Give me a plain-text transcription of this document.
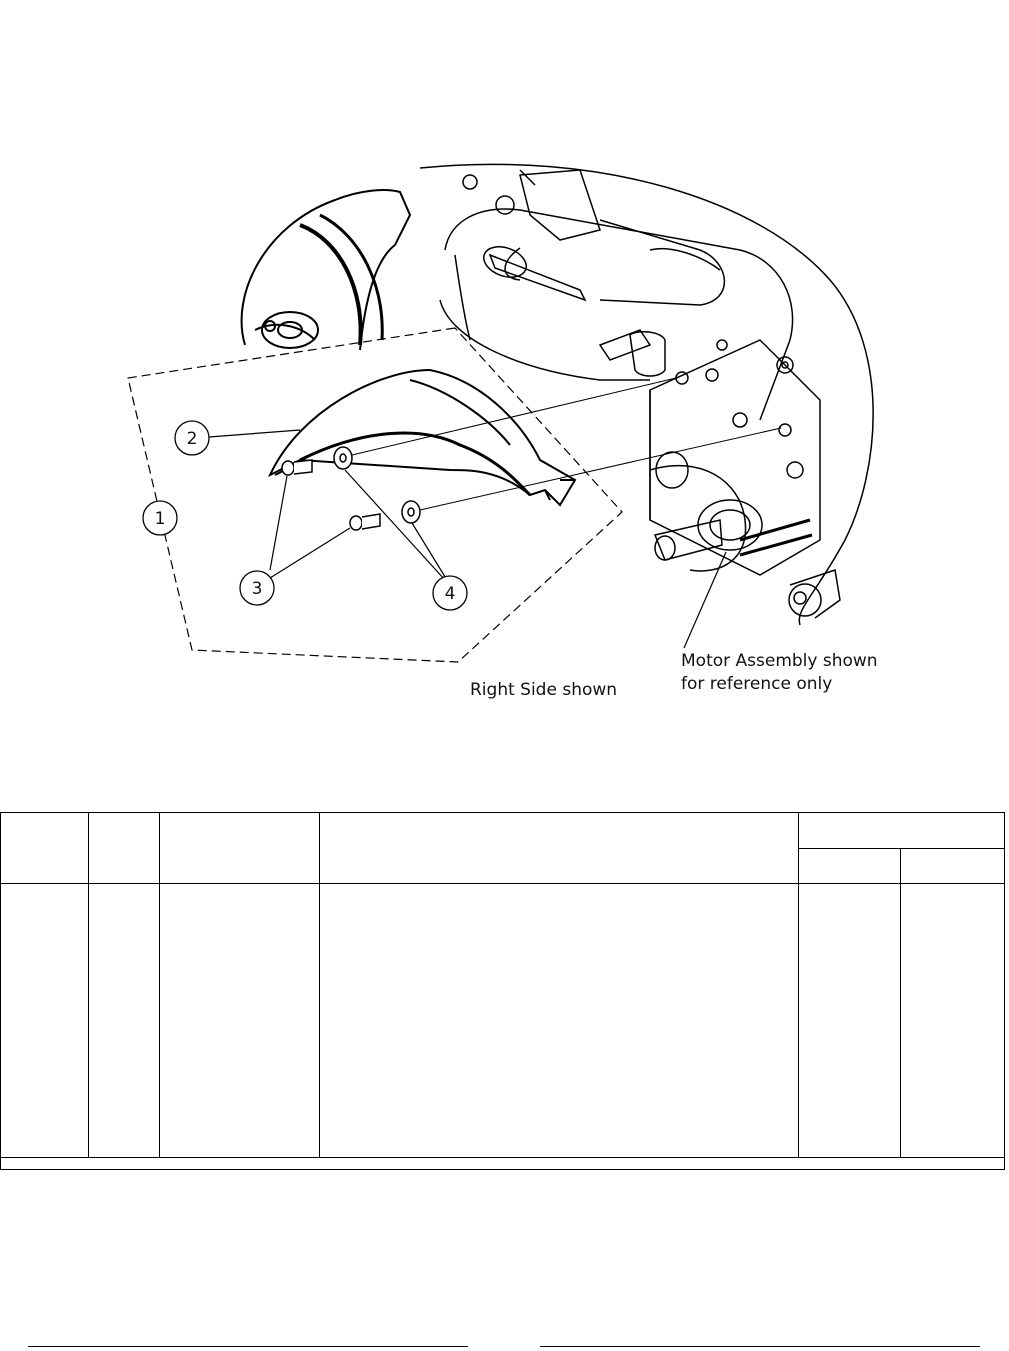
1
2
3	4
Right Side shown
Motor Assembly shown
for reference only
